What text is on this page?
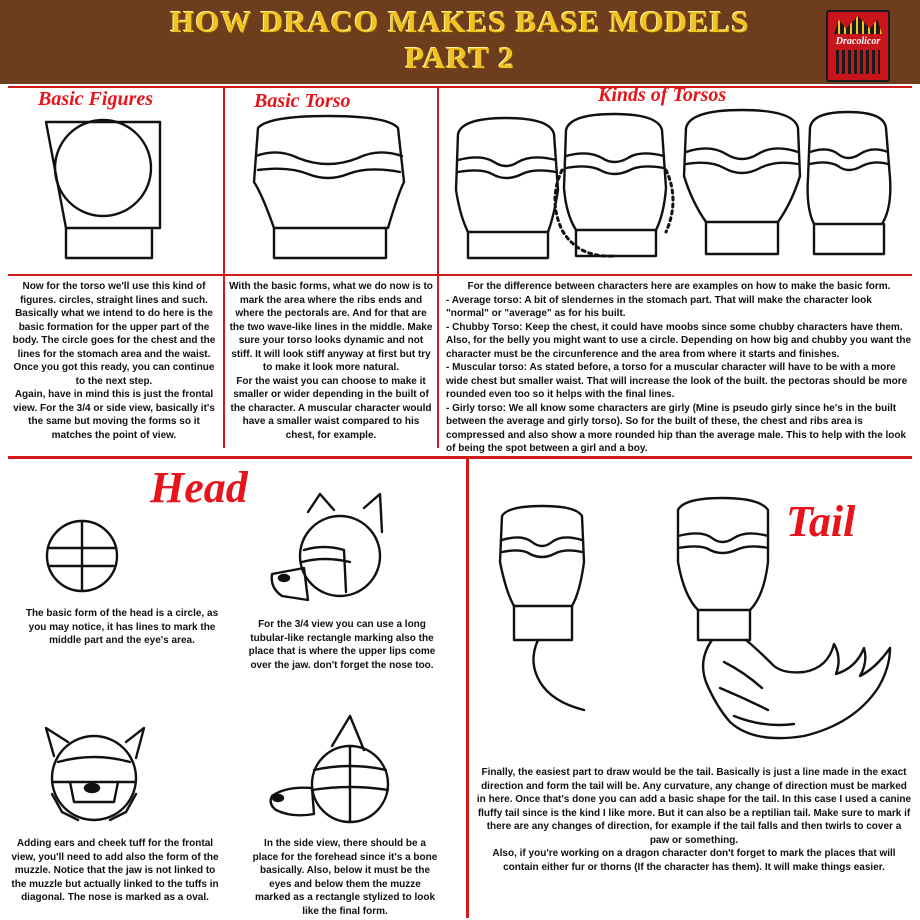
HOW DRACO MAKES BASE MODELS
PART 2	Dracolicor
Basic Figures	Basic Torso	Kinds of Torsos
Head
Tail
Now for the torso we'll use this kind of figures. circles, straight lines and such. Basically what we intend to do here is the basic formation for the upper part of the body. The circle goes for the chest and the lines for the stomach area and the waist. Once you got this ready, you can continue to the next step.
Again, have in mind this is just the frontal view. For the 3/4 or side view, basically it's the same but moving the forms so it matches the point of view.
With the basic forms, what we do now is to mark the area where the ribs ends and where the pectorals are. And for that are the two wave-like lines in the middle. Make sure your torso looks dynamic and not stiff. It will look stiff anyway at first but try to make it look more natural.
For the waist you can choose to make it smaller or wider depending in the built of the character. A muscular character would have a smaller waist compared to his chest, for example.
For the difference between characters here are examples on how to make the basic form.
- Average torso: A bit of slendernes in the stomach part. That will make the character look "normal" or "average" as for his built.
- Chubby Torso: Keep the chest, it could have moobs since some chubby characters have them. Also, for the belly you might want to use a circle. Depending on how big and chubby you want the character must be the circunference and the area from where it starts and finishes.
- Muscular torso: As stated before, a torso for a muscular character will have to be with a more wide chest but smaller waist. That will increase the look of the built. the pectoras should be more rounded even too so it helps with the final lines.
- Girly torso: We all know some characters are girly (Mine is pseudo girly since he's in the built between the average and girly torso). So for the built of these, the chest and ribs area is compressed and also show a more rounded hip than the average male. This to help with the look of being the spot between a girl and a boy.
The basic form of the head is a circle, as you may notice, it has lines to mark the middle part and the eye's area.
For the 3/4 view you can use a long tubular-like rectangle marking also the place that is where the upper lips come over the jaw. don't forget the nose too.
Adding ears and cheek tuff for the frontal view, you'll need to add also the form of the muzzle. Notice that the jaw is not linked to the muzzle but actually linked to the tuffs in diagonal. The nose is marked as a oval.
In the side view, there should be a place for the forehead since it's a bone basically. Also, below it must be the eyes and below them the muzze marked as a rectangle stylized to look like the final form.
Finally, the easiest part to draw would be the tail. Basically is just a line made in the exact direction and form the tail will be. Any curvature, any change of direction must be marked in here. Once that's done you can add a basic shape for the tail. In this case I used a canine fluffy tail since is the kind I like more. But it can also be a reptilian tail. Make sure to mark if there are any changes of direction, for example if the tail falls and then twirls to cover a paw or something.
Also, if you're working on a dragon character don't forget to mark the places that will contain either fur or thorns (If the character has them). It will make things easier.
